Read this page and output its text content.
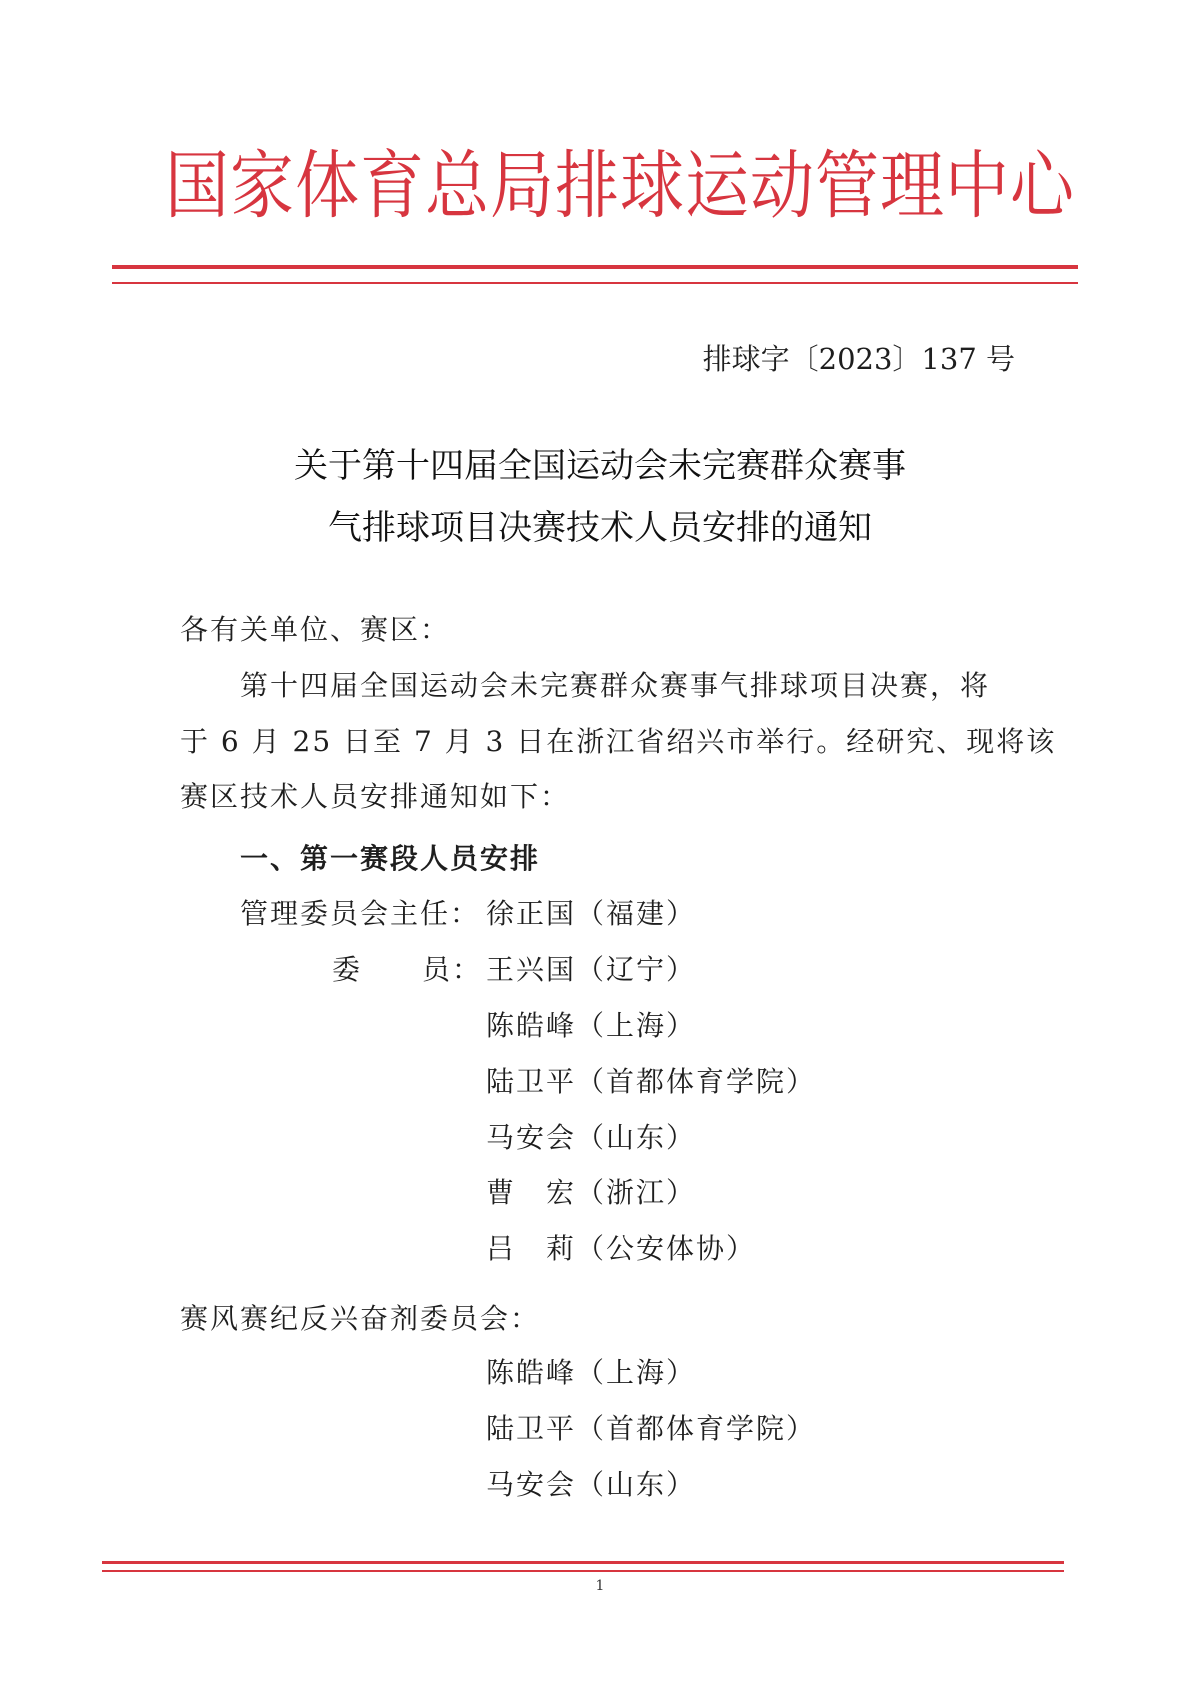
国家体育总局排球运动管理中心
排球字〔2023〕137 号
关于第十四届全国运动会未完赛群众赛事
气排球项目决赛技术人员安排的通知
各有关单位、赛区：
第十四届全国运动会未完赛群众赛事气排球项目决赛，将
于 6 月 25 日至 7 月 3 日在浙江省绍兴市举行。经研究、现将该
赛区技术人员安排通知如下：
一、第一赛段人员安排
管理委员会主任： 徐正国（福建）
委　　员： 王兴国（辽宁）
陈皓峰（上海）
陆卫平（首都体育学院）
马安会（山东）
曹　宏（浙江）
吕　莉（公安体协）
赛风赛纪反兴奋剂委员会：
陈皓峰（上海）
陆卫平（首都体育学院）
马安会（山东）
1
